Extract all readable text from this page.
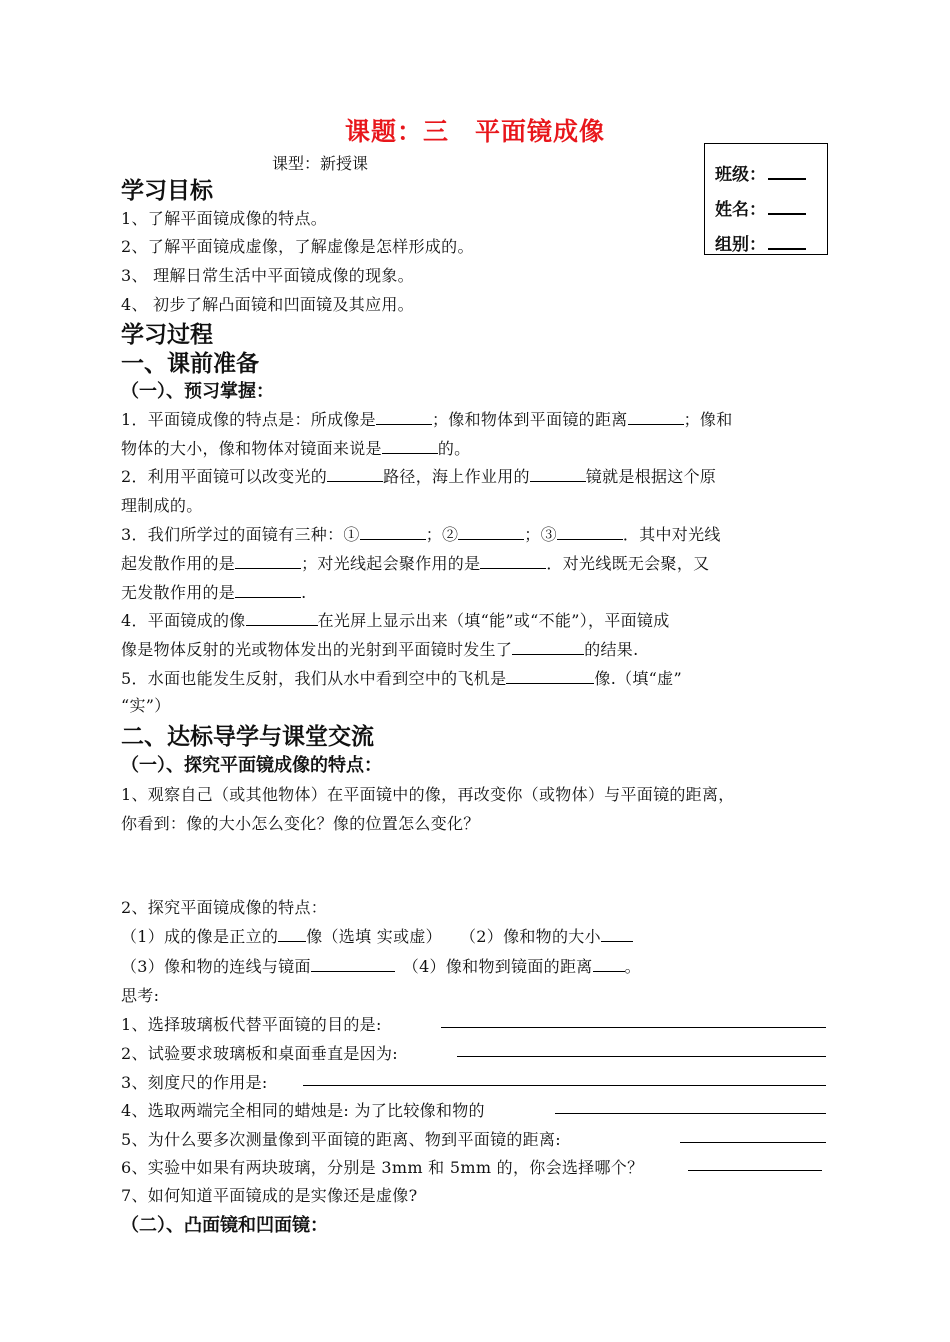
课题：三　平面镜成像
课型：新授课
班级：
姓名：
组别：
学习目标
1、了解平面镜成像的特点。
2、了解平面镜成虚像，了解虚像是怎样形成的。
3、 理解日常生活中平面镜成像的现象。
4、 初步了解凸面镜和凹面镜及其应用。
学习过程
一、课前准备
（一）、预习掌握：
1．平面镜成像的特点是：所成像是	；像和物体到平面镜的距离	；像和
物体的大小，像和物体对镜面来说是	的。
2．利用平面镜可以改变光的	路径，海上作业用的	镜就是根据这个原
理制成的。
3．我们所学过的面镜有三种：①	；②	；③	．其中对光线
起发散作用的是	；对光线起会聚作用的是	．对光线既无会聚，又
无发散作用的是	.
4．平面镜成的像	在光屏上显示出来（填“能”或“不能”），平面镜成
像是物体反射的光或物体发出的光射到平面镜时发生了	的结果.
5．水面也能发生反射，我们从水中看到空中的飞机是	像.（填“虚”
“实”）
二、达标导学与课堂交流
（一）、探究平面镜成像的特点：
1、观察自己（或其他物体）在平面镜中的像，再改变你（或物体）与平面镜的距离，
你看到：像的大小怎么变化？像的位置怎么变化？
2、探究平面镜成像的特点：
（1）成的像是正立的 像（选填 实或虚） （2）像和物的大小
（3）像和物的连线与镜面	（4）像和物到镜面的距离 。
思考:
1、选择玻璃板代替平面镜的目的是:
2、试验要求玻璃板和桌面垂直是因为:
3、刻度尺的作用是:
4、选取两端完全相同的蜡烛是: 为了比较像和物的
5、为什么要多次测量像到平面镜的距离、物到平面镜的距离:
6、实验中如果有两块玻璃，分别是 3mm 和 5mm 的，你会选择哪个？
7、如何知道平面镜成的是实像还是虚像?
（二）、凸面镜和凹面镜：
